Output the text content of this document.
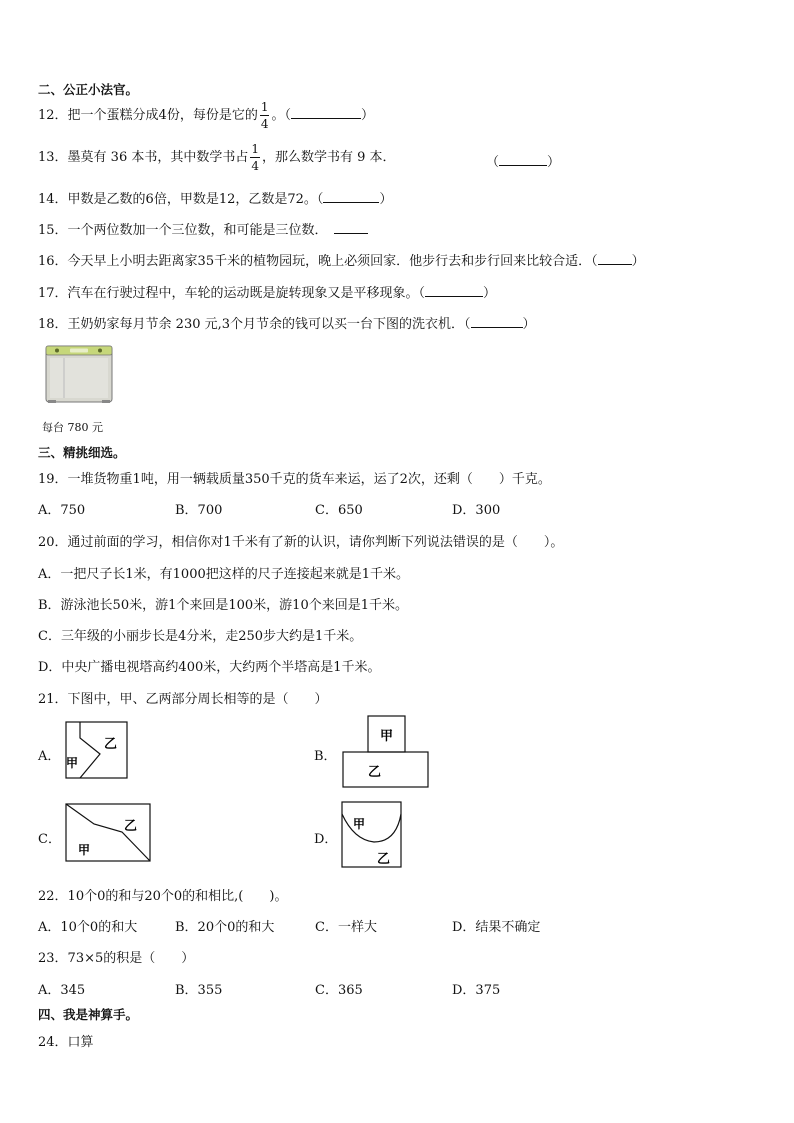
二、公正小法官。
12．把一个蛋糕分成4份，每份是它的 $\frac{1}{4}$ 。（	）
13．墨莫有 36 本书，其中数学书占 $\frac{1}{4}$ ，那么数学书有 9 本．	（	）
14．甲数是乙数的6倍，甲数是12，乙数是72。（	）
15．一个两位数加一个三位数，和可能是三位数．
16．今天早上小明去距离家35千米的植物园玩，晚上必须回家．他步行去和步行回来比较合适．（	）
17．汽车在行驶过程中，车轮的运动既是旋转现象又是平移现象。（	）
18．王奶奶家每月节余 230 元,3个月节余的钱可以买一台下图的洗衣机．（	）
每台 780 元
三、精挑细选。
19．一堆货物重1吨，用一辆载质量350千克的货车来运，运了2次，还剩（　　）千克。
A．750	B．700	C．650	D．300
20．通过前面的学习，相信你对1千米有了新的认识，请你判断下列说法错误的是（　　）。
A．一把尺子长1米，有1000把这样的尺子连接起来就是1千米。
B．游泳池长50米，游1个来回是100米，游10个来回是1千米。
C．三年级的小丽步长是4分米，走250步大约是1千米。
D．中央广播电视塔高约400米，大约两个半塔高是1千米。
21．下图中，甲、乙两部分周长相等的是（　　）
A．
乙
甲	B．
甲
乙
C．
乙
甲
D．
甲
乙
22．10个0的和与20个0的和相比,(　　)。
A．10个0的和大	B．20个0的和大	C．一样大	D．结果不确定
23．73×5的积是（　　）
A．345	B．355	C．365	D．375
四、我是神算手。
24．口算
